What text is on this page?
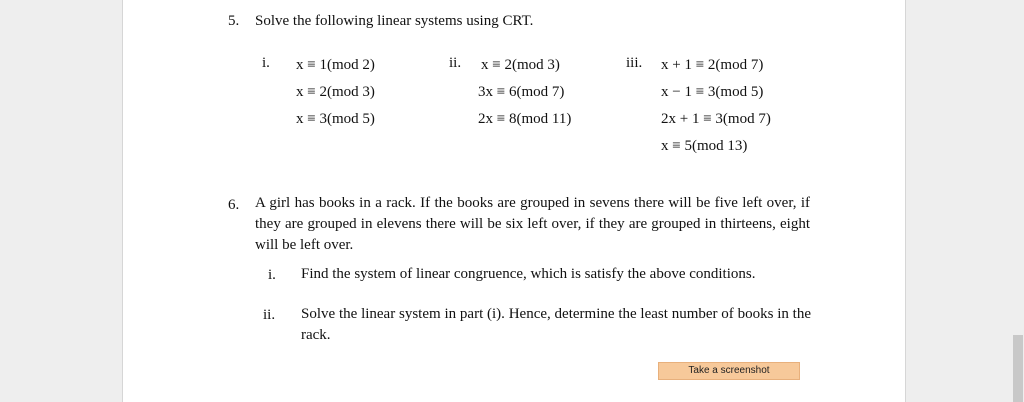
5. Solve the following linear systems using CRT.
i. x ≡ 1(mod 2)
x ≡ 2(mod 3)
x ≡ 3(mod 5)
ii. x ≡ 2(mod 3)
3x ≡ 6(mod 7)
2x ≡ 8(mod 11)
iii. x + 1 ≡ 2(mod 7)
x − 1 ≡ 3(mod 5)
2x + 1 ≡ 3(mod 7)
x ≡ 5(mod 13)
6. A girl has books in a rack. If the books are grouped in sevens there will be five left over, if they are grouped in elevens there will be six left over, if they are grouped in thirteens, eight will be left over.
i. Find the system of linear congruence, which is satisfy the above conditions.
ii. Solve the linear system in part (i). Hence, determine the least number of books in the rack.
Take a screenshot
